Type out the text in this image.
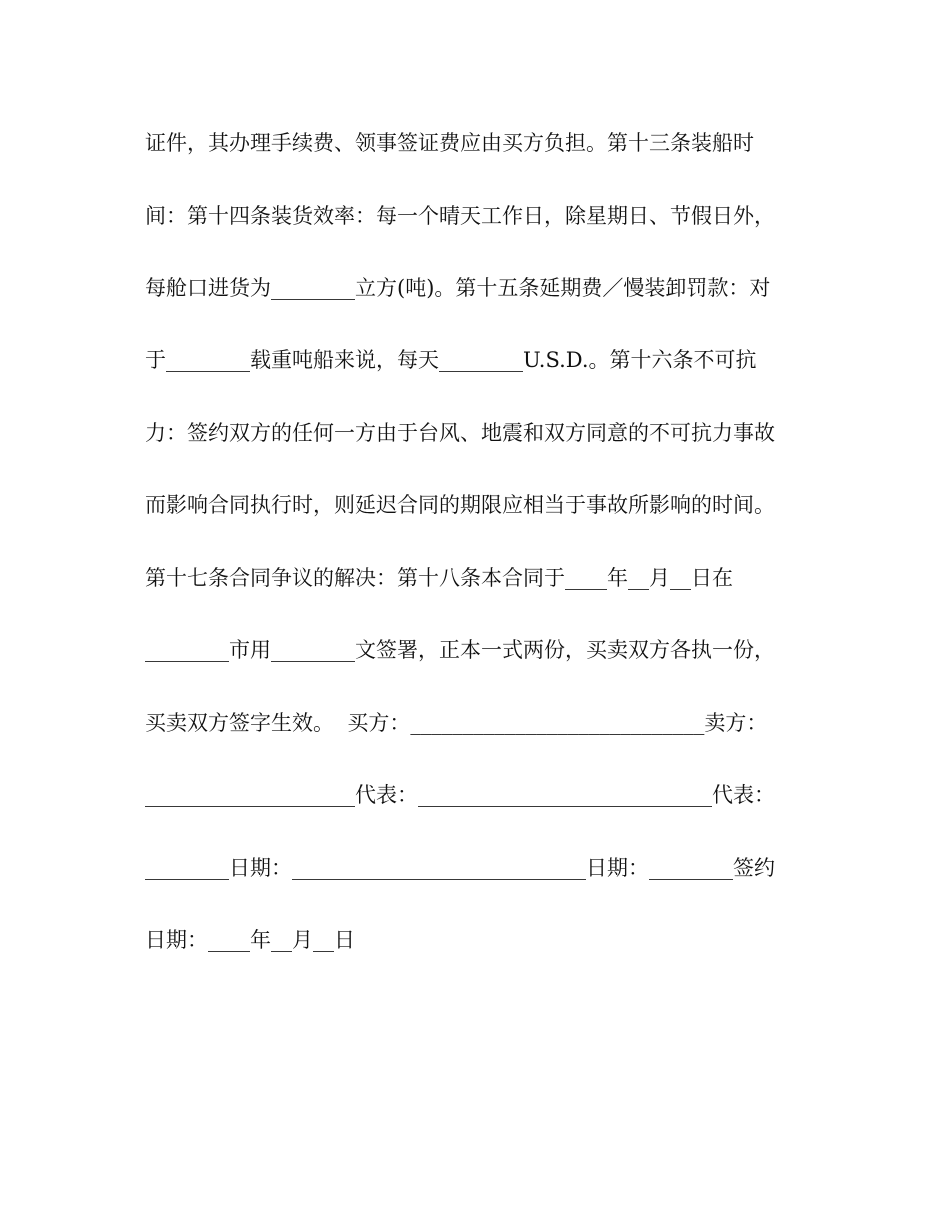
证件，其办理手续费、领事签证费应由买方负担。第十三条装船时
间：第十四条装货效率：每一个晴天工作日，除星期日、节假日外，
每舱口进货为________立方(吨)。第十五条延期费／慢装卸罚款：对
于________载重吨船来说，每天________U.S.D.。第十六条不可抗
力：签约双方的任何一方由于台风、地震和双方同意的不可抗力事故
而影响合同执行时，则延迟合同的期限应相当于事故所影响的时间。
第十七条合同争议的解决：第十八条本合同于____年__月__日在
________市用________文签署，正本一式两份，买卖双方各执一份，
买卖双方签字生效。  买方：____________________________卖方：
____________________代表：____________________________代表：
________日期：____________________________日期：________签约
日期：____年__月__日
